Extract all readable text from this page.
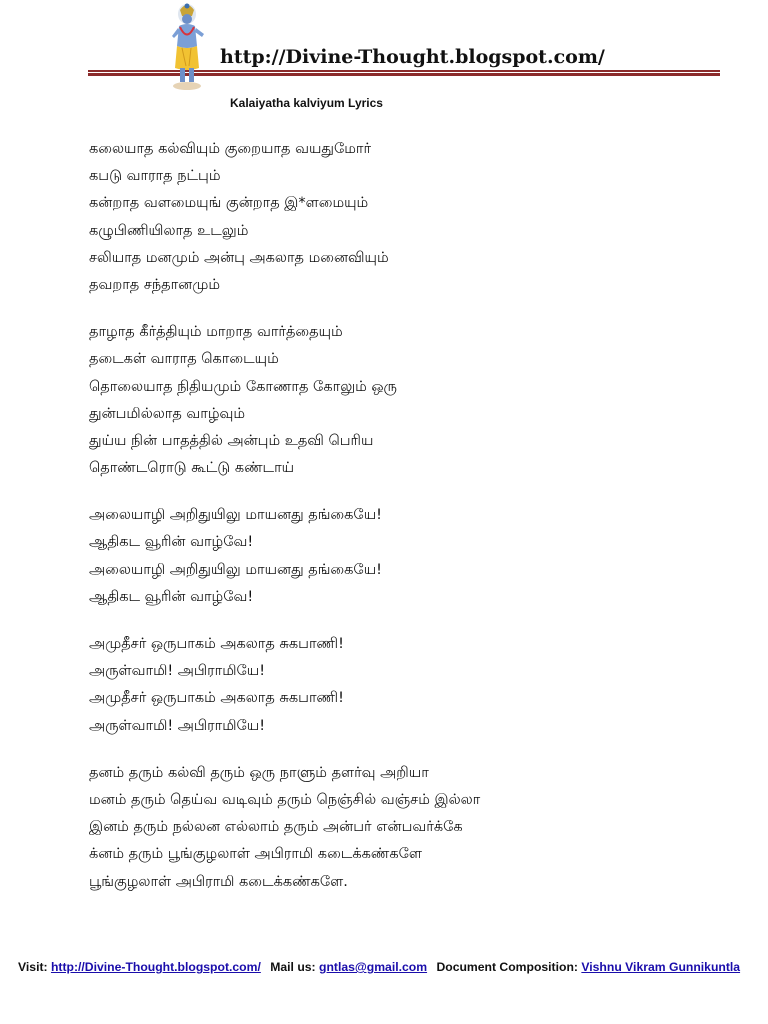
http://Divine-Thought.blogspot.com/
Kalaiyatha kalviyum Lyrics
கலையாத கல்வியும் குறையாத வயதுமோர்
கபடு வாராத நட்பும்
கன்றாத வளமையுங் குன்றாத இ*ளமையும்
கழுபிணியிலாத உடலும்
சலியாத மனமும் அன்பு அகலாத மனைவியும்
தவறாத சந்தானமும்
தாழாத கீர்த்தியும் மாறாத வார்த்தையும்
தடைகள் வாராத கொடையும்
தொலையாத நிதியமும் கோணாத கோலும் ஒரு
துன்பமில்லாத வாழ்வும்
துய்ய நின் பாதத்தில் அன்பும் உதவி பெரிய
தொண்டரொடு கூட்டு கண்டாய்
அலையாழி அறிதுயிலு மாயனது தங்கையே!
ஆதிகட வூரின் வாழ்வே!
அலையாழி அறிதுயிலு மாயனது தங்கையே!
ஆதிகட வூரின் வாழ்வே!
அமுதீசர் ஒருபாகம் அகலாத சுகபாணி!
அருள்வாமி! அபிராமியே!
அமுதீசர் ஒருபாகம் அகலாத சுகபாணி!
அருள்வாமி! அபிராமியே!
தனம் தரும் கல்வி தரும் ஒரு நாளும் தளர்வு அறியா
மனம் தரும் தெய்வ வடிவும் தரும் நெஞ்சில் வஞ்சம் இல்லா
இனம் தரும் நல்லன எல்லாம் தரும் அன்பர் என்பவர்க்கே
க்னம் தரும் பூங்குழலாள் அபிராமி கடைக்கண்களே
பூங்குழலாள் அபிராமி கடைக்கண்களே.
Visit: http://Divine-Thought.blogspot.com/ Mail us: gntlas@gmail.com Document Composition: Vishnu Vikram Gunnikuntla
